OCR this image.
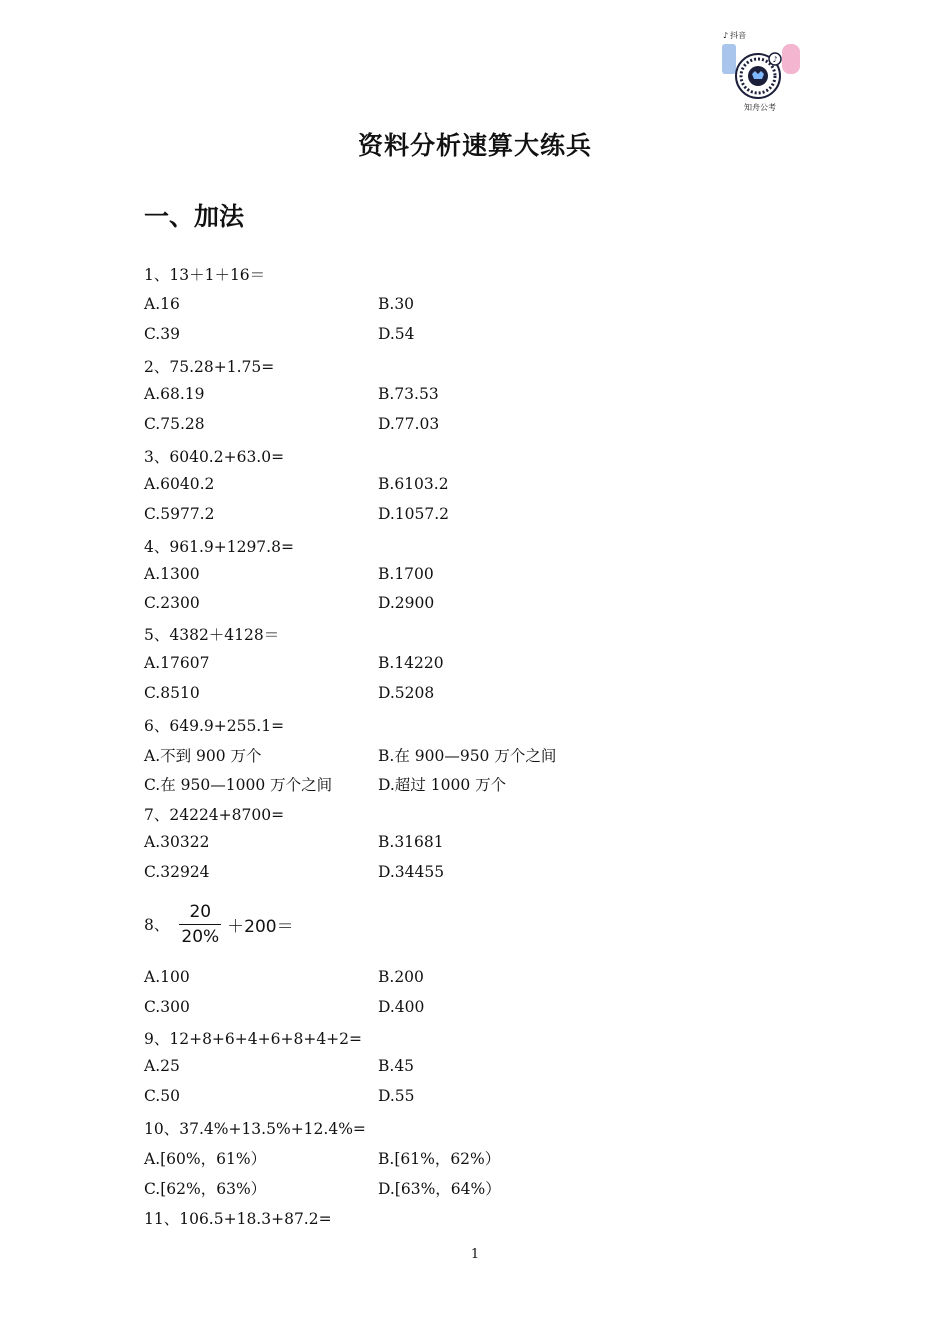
♪ 抖音
♪
知舟公考
资料分析速算大练兵
一、加法
1、13＋1＋16＝
A.16	B.30
C.39	D.54
2、75.28+1.75=
A.68.19	B.73.53
C.75.28	D.77.03
3、6040.2+63.0=
A.6040.2	B.6103.2
C.5977.2	D.1057.2
4、961.9+1297.8=
A.1300	B.1700
C.2300	D.2900
5、4382＋4128＝
A.17607	B.14220
C.8510	D.5208
6、649.9+255.1=
A.不到 900 万个	B.在 900—950 万个之间
C.在 950—1000 万个之间	D.超过 1000 万个
7、24224+8700=
A.30322	B.31681
C.32924	D.34455
8、 $\frac{20}{20\%} +200=$
A.100	B.200
C.300	D.400
9、12+8+6+4+6+8+4+2=
A.25	B.45
C.50	D.55
10、37.4%+13.5%+12.4%=
A.[60%，61%）	B.[61%，62%）
C.[62%，63%）	D.[63%，64%）
11、106.5+18.3+87.2=
1
